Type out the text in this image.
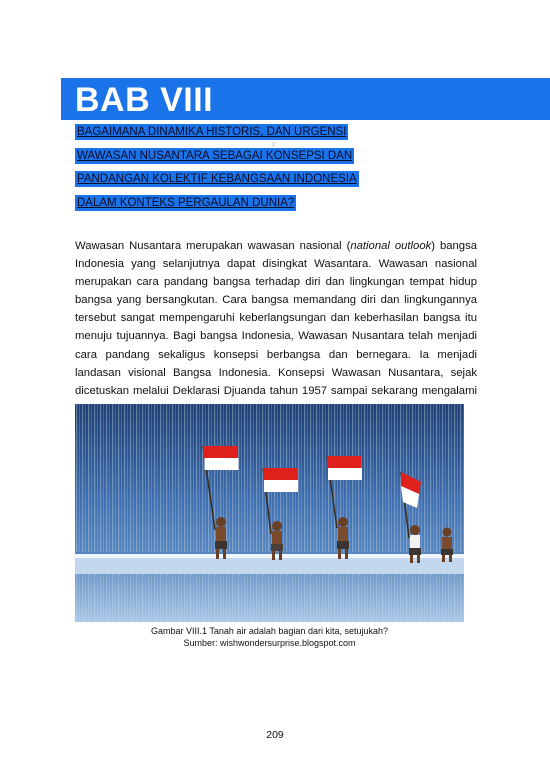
BAB VIII
BAGAIMANA DINAMIKA HISTORIS, DAN URGENSI
WAWASAN NUSANTARA SEBAGAI KONSEPSI DAN
PANDANGAN KOLEKTIF KEBANGSAAN INDONESIA
DALAM KONTEKS PERGAULAN DUNIA?
2

Wawasan Nusantara merupakan wawasan nasional (national outlook) bangsa Indonesia yang selanjutnya dapat disingkat Wasantara. Wawasan nasional merupakan cara pandang bangsa terhadap diri dan lingkungan tempat hidup bangsa yang bersangkutan. Cara bangsa memandang diri dan lingkungannya tersebut sangat mempengaruhi keberlangsungan dan keberhasilan bangsa itu menuju tujuannya. Bagi bangsa Indonesia, Wawasan Nusantara telah menjadi cara pandang sekaligus konsepsi berbangsa dan bernegara. Ia menjadi landasan visional Bangsa Indonesia. Konsepsi Wawasan Nusantara, sejak dicetuskan melalui Deklarasi Djuanda tahun 1957 sampai sekarang mengalami

Gambar VIII.1 Tanah air adalah bagian dari kita, setujukah?
Sumber: wishwondersurprise.blogspot.com

209
